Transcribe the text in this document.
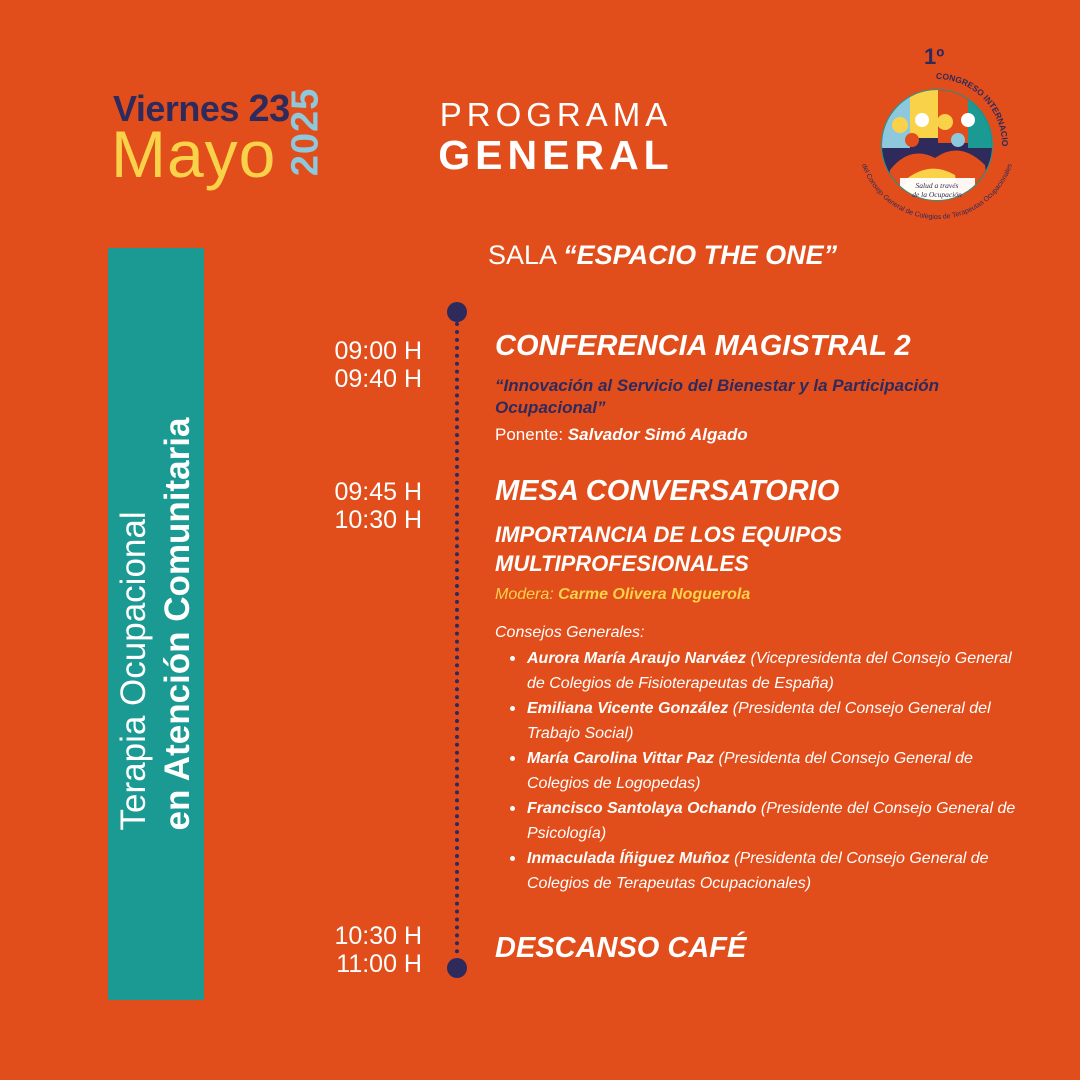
Viernes 23
Mayo 2025	PROGRAMA
GENERAL
1º
CONGRESO INTERNACIO
Salud a través
de la Ocupación
del Consejo General de Colegios de Terapeutas Ocupacionales
Terapia Ocupacional en Atención Comunitaria
SALA “ESPACIO THE ONE”
09:00 H
09:40 H
CONFERENCIA MAGISTRAL 2
“Innovación al Servicio del Bienestar y la Participación Ocupacional”
Ponente: Salvador Simó Algado
09:45 H
10:30 H
MESA CONVERSATORIO
IMPORTANCIA DE LOS EQUIPOS MULTIPROFESIONALES
Modera: Carme Olivera Noguerola
Consejos Generales:
Aurora María Araujo Narváez (Vicepresidenta del Consejo General de Colegios de Fisioterapeutas de España)
Emiliana Vicente González (Presidenta del Consejo General del Trabajo Social)
María Carolina Vittar Paz (Presidenta del Consejo General de Colegios de Logopedas)
Francisco Santolaya Ochando (Presidente del Consejo General de Psicología)
Inmaculada Íñiguez Muñoz (Presidenta del Consejo General de Colegios de Terapeutas Ocupacionales)
10:30 H
11:00 H	DESCANSO CAFÉ
